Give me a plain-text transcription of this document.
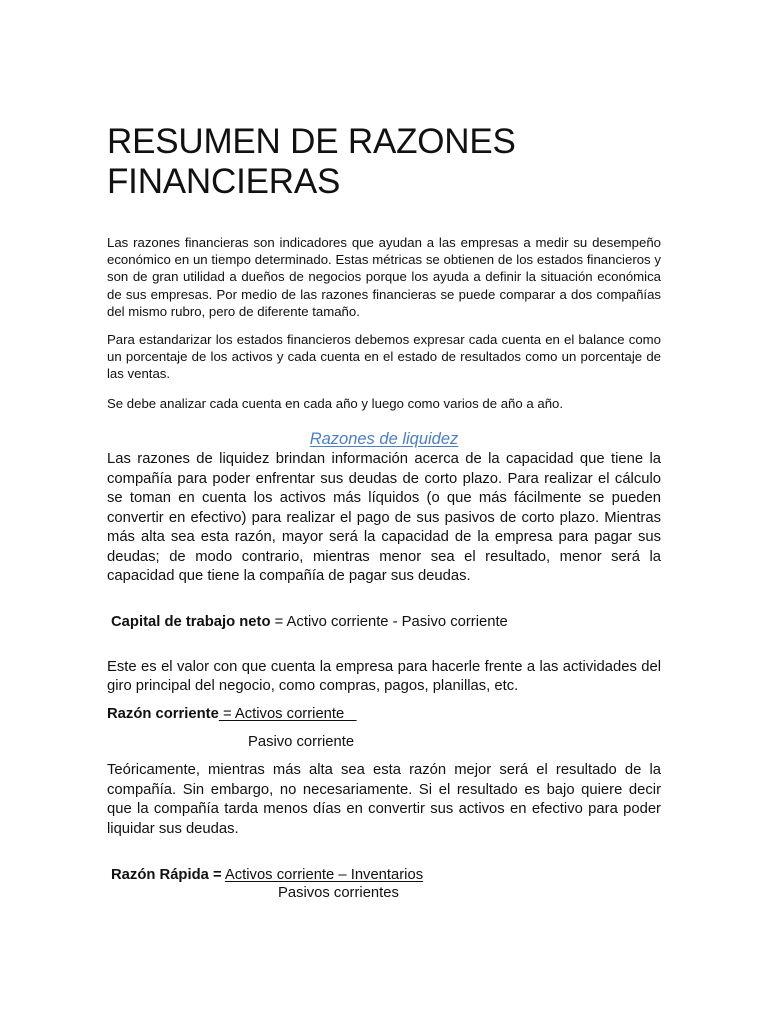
RESUMEN DE RAZONES FINANCIERAS

Las razones financieras son indicadores que ayudan a las empresas a medir su desempeño económico en un tiempo determinado. Estas métricas se obtienen de los estados financieros y son de gran utilidad a dueños de negocios porque los ayuda a definir la situación económica de sus empresas. Por medio de las razones financieras se puede comparar a dos compañías del mismo rubro, pero de diferente tamaño.

Para estandarizar los estados financieros debemos expresar cada cuenta en el balance como un porcentaje de los activos y cada cuenta en el estado de resultados como un porcentaje de las ventas.

Se debe analizar cada cuenta en cada año y luego como varios de año a año.

Razones de liquidez

Las razones de liquidez brindan información acerca de la capacidad que tiene la compañía para poder enfrentar sus deudas de corto plazo. Para realizar el cálculo se toman en cuenta los activos más líquidos (o que más fácilmente se pueden convertir en efectivo) para realizar el pago de sus pasivos de corto plazo. Mientras más alta sea esta razón, mayor será la capacidad de la empresa para pagar sus deudas; de modo contrario, mientras menor sea el resultado, menor será la capacidad que tiene la compañía de pagar sus deudas.

Capital de trabajo neto = Activo corriente - Pasivo corriente

Este es el valor con que cuenta la empresa para hacerle frente a las actividades del giro principal del negocio, como compras, pagos, planillas, etc.

Razón corriente = Activos corriente
Pasivo corriente

Teóricamente, mientras más alta sea esta razón mejor será el resultado de la compañía. Sin embargo, no necesariamente. Si el resultado es bajo quiere decir que la compañía tarda menos días en convertir sus activos en efectivo para poder liquidar sus deudas.

Razón Rápida = Activos corriente – Inventarios
Pasivos corrientes
